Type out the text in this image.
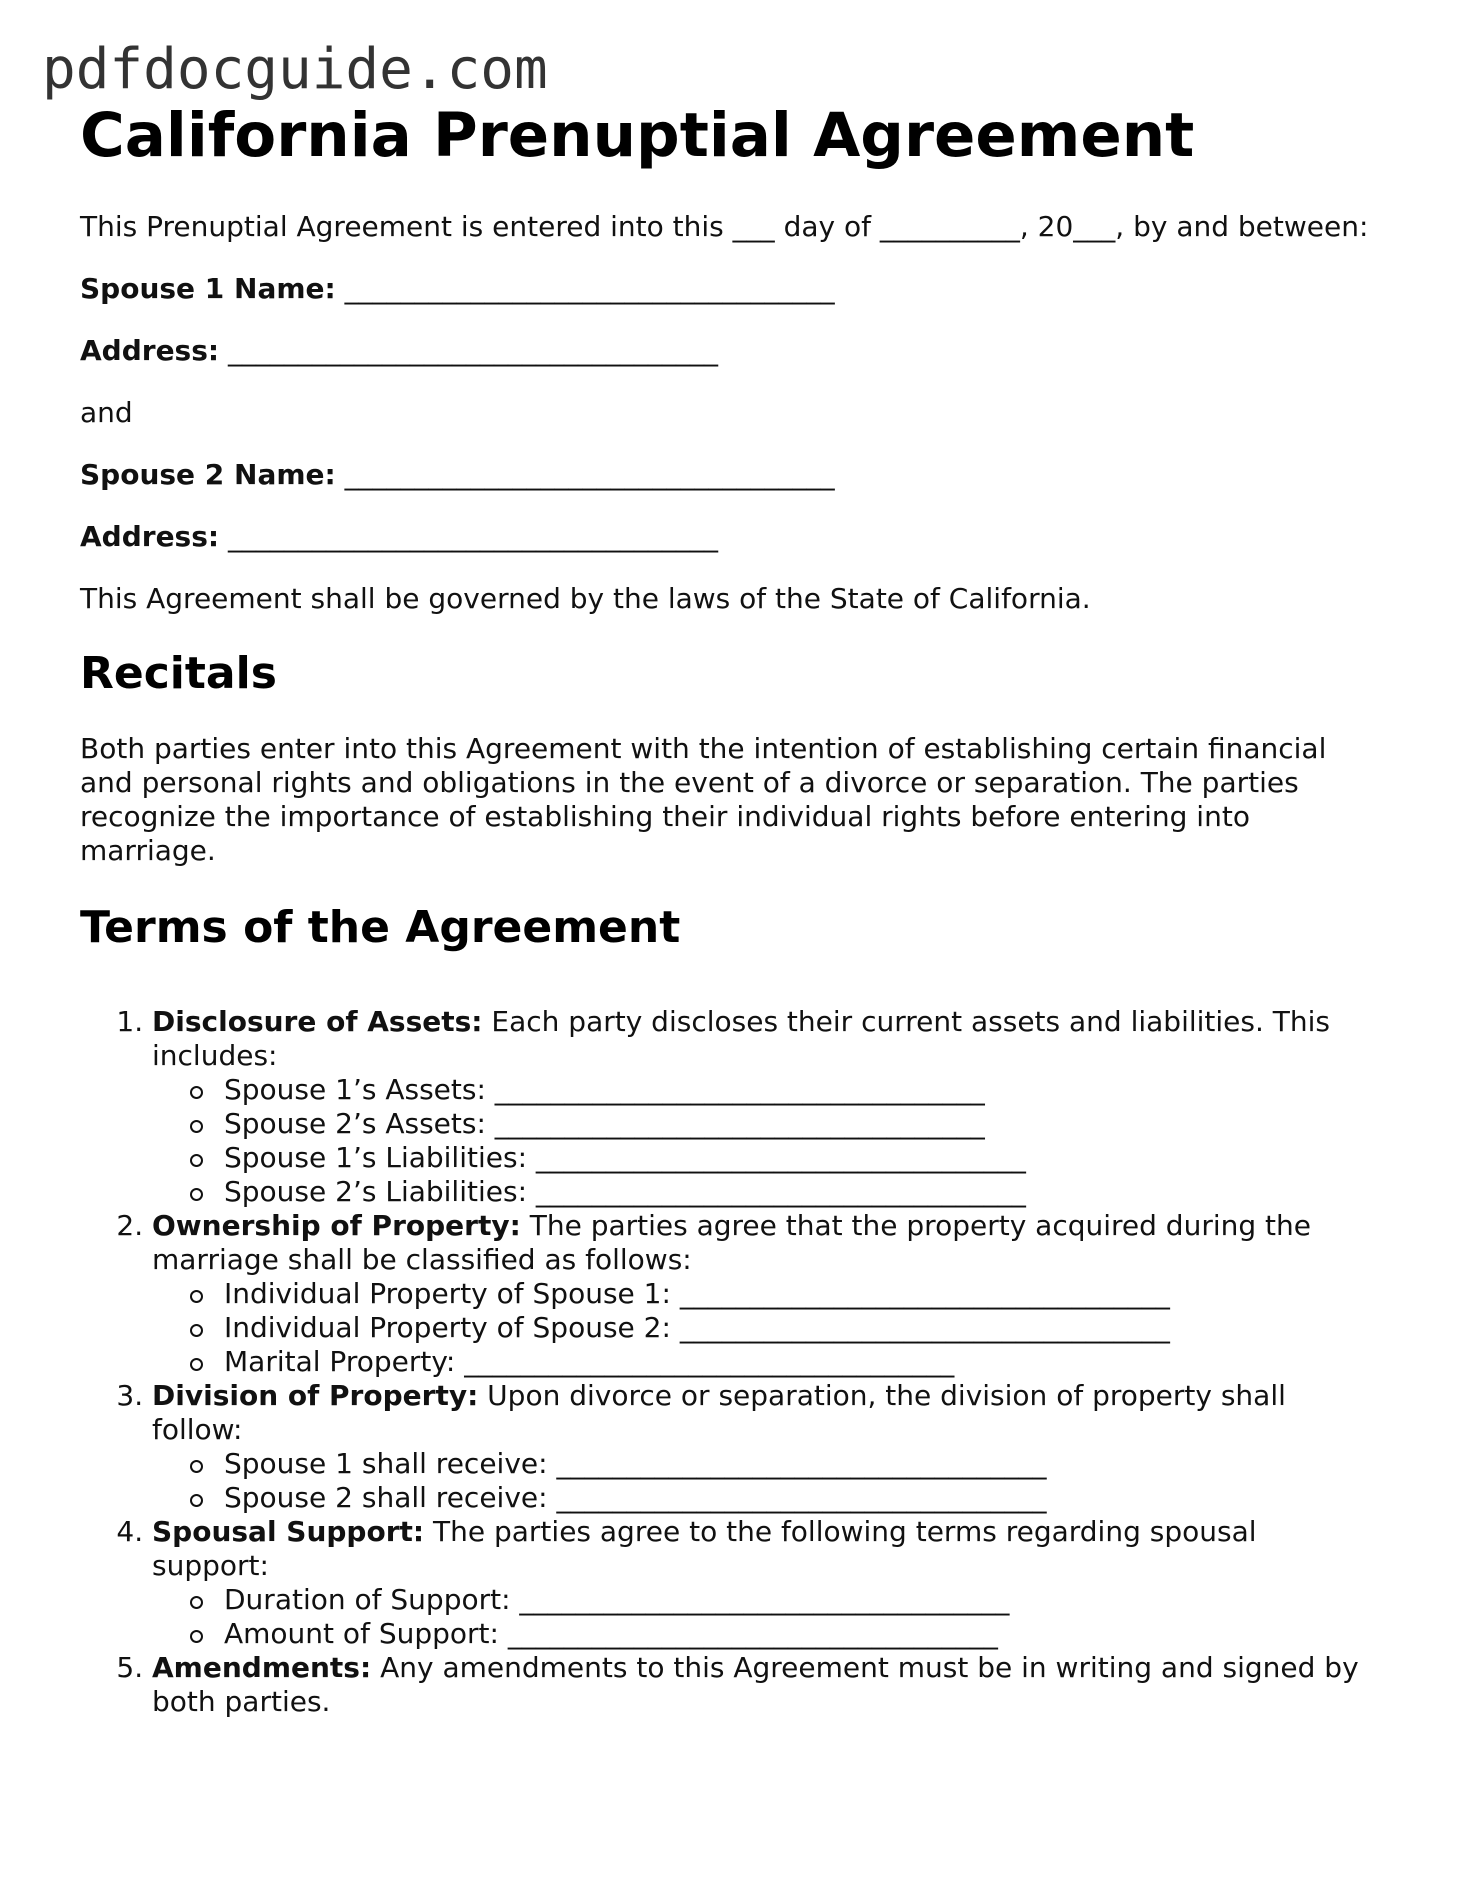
pdfdocguide.com
California Prenuptial Agreement

This Prenuptial Agreement is entered into this ___ day of __________, 20___, by and between:

Spouse 1 Name: ___________________________________

Address: ___________________________________

and

Spouse 2 Name: ___________________________________

Address: ___________________________________

This Agreement shall be governed by the laws of the State of California.

Recitals

Both parties enter into this Agreement with the intention of establishing certain financial and personal rights and obligations in the event of a divorce or separation. The parties recognize the importance of establishing their individual rights before entering into marriage.

Terms of the Agreement
1. Disclosure of Assets: Each party discloses their current assets and liabilities. This includes:
Spouse 1’s Assets: ___________________________________
Spouse 2’s Assets: ___________________________________
Spouse 1’s Liabilities: ___________________________________
Spouse 2’s Liabilities: ___________________________________
2. Ownership of Property: The parties agree that the property acquired during the marriage shall be classified as follows:
Individual Property of Spouse 1: ___________________________________
Individual Property of Spouse 2: ___________________________________
Marital Property: ___________________________________
3. Division of Property: Upon divorce or separation, the division of property shall follow:
Spouse 1 shall receive: ___________________________________
Spouse 2 shall receive: ___________________________________
4. Spousal Support: The parties agree to the following terms regarding spousal support:
Duration of Support: ___________________________________
Amount of Support: ___________________________________
5. Amendments: Any amendments to this Agreement must be in writing and signed by both parties.
